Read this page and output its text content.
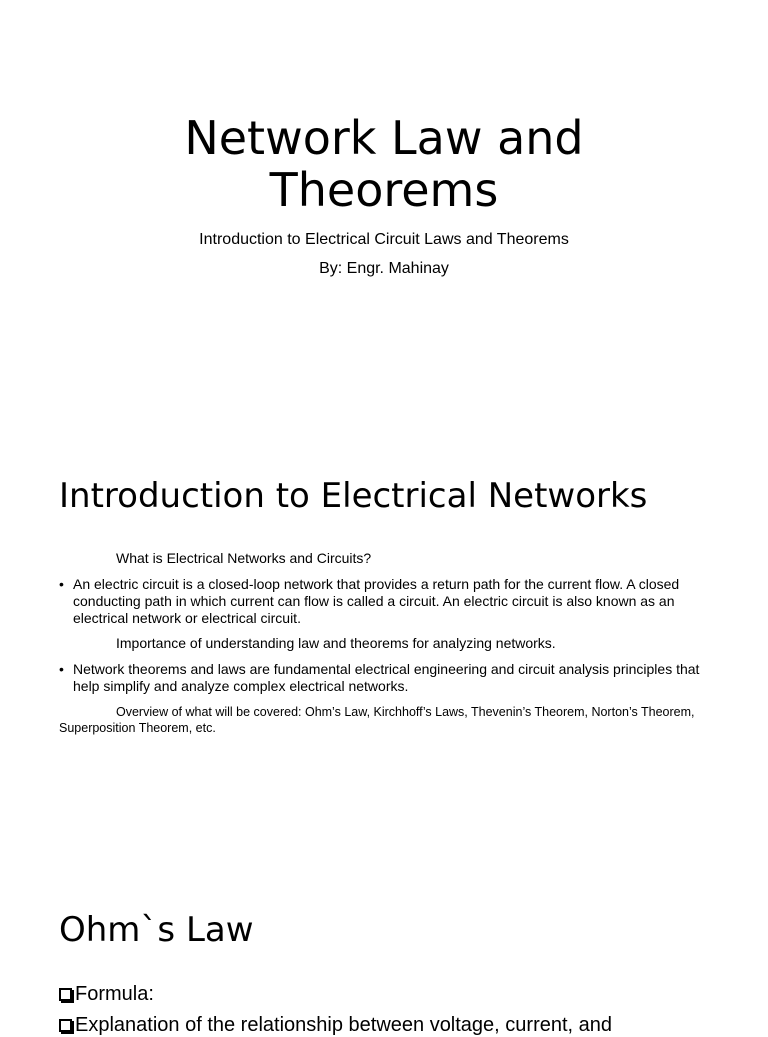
Network Law and Theorems
Introduction to Electrical Circuit Laws and Theorems
By: Engr. Mahinay
Introduction to Electrical Networks
What is Electrical Networks and Circuits?
• An electric circuit is a closed-loop network that provides a return path for the current flow. A closed conducting path in which current can flow is called a circuit. An electric circuit is also known as an electrical network or electrical circuit.
Importance of understanding law and theorems for analyzing networks.
• Network theorems and laws are fundamental electrical engineering and circuit analysis principles that help simplify and analyze complex electrical networks.
Overview of what will be covered: Ohm’s Law, Kirchhoff’s Laws, Thevenin’s Theorem, Norton’s Theorem, Superposition Theorem, etc.
Ohm`s Law
Formula:
Explanation of the relationship between voltage, current, and
